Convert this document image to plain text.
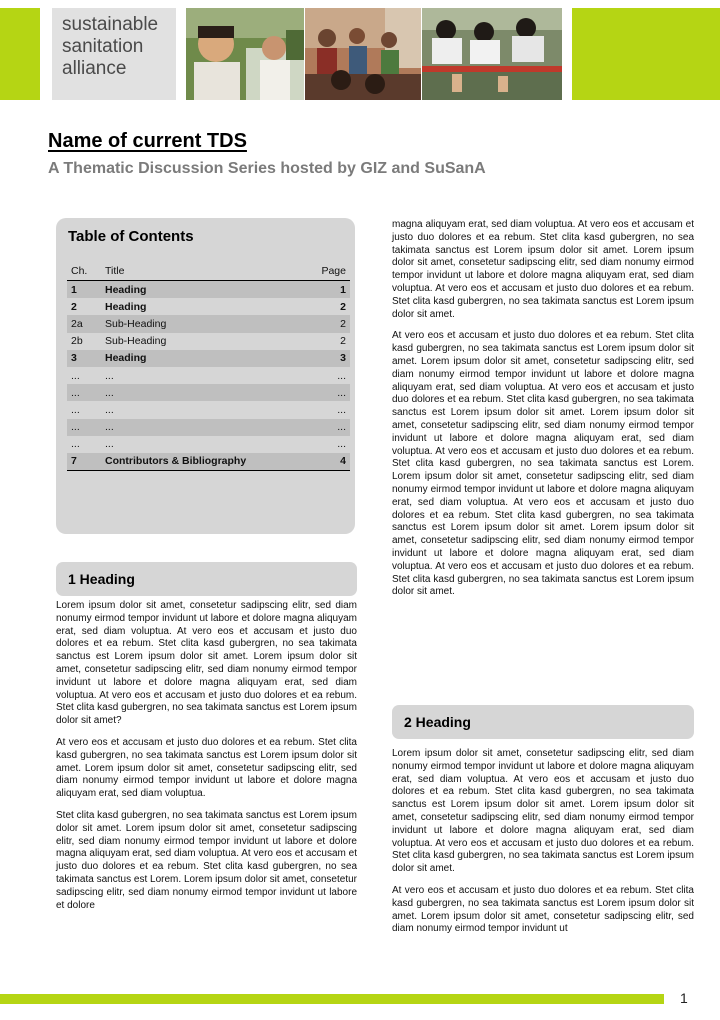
sustainable
sanitation
alliance
Name of current TDS
A Thematic Discussion Series hosted by GIZ and SuSanA
Table of Contents
Ch.	Title	Page
1	Heading	1
2	Heading	2
2a	Sub-Heading	2
2b	Sub-Heading	2
3	Heading	3
...	...	...
...	...	...
...	...	...
...	...	...
...	...	...
7	Contributors & Bibliography	4
1 Heading

Lorem ipsum dolor sit amet, consetetur sadipscing elitr, sed diam nonumy eirmod tempor invidunt ut labore et dolore magna aliquyam erat, sed diam voluptua. At vero eos et accusam et justo duo dolores et ea rebum. Stet clita kasd gubergren, no sea takimata sanctus est Lorem ipsum dolor sit amet. Lorem ipsum dolor sit amet, consetetur sadipscing elitr, sed diam nonumy eirmod tempor invidunt ut labore et dolore magna aliquyam erat, sed diam voluptua. At vero eos et accusam et justo duo dolores et ea rebum. Stet clita kasd gubergren, no sea takimata sanctus est Lorem ipsum dolor sit amet?

At vero eos et accusam et justo duo dolores et ea rebum. Stet clita kasd gubergren, no sea takimata sanctus est Lorem ipsum dolor sit amet. Lorem ipsum dolor sit amet, consetetur sadipscing elitr, sed diam nonumy eirmod tempor invidunt ut labore et dolore magna aliquyam erat, sed diam voluptua.

Stet clita kasd gubergren, no sea takimata sanctus est Lorem ipsum dolor sit amet. Lorem ipsum dolor sit amet, consetetur sadipscing elitr, sed diam nonumy eirmod tempor invidunt ut labore et dolore magna aliquyam erat, sed diam voluptua. At vero eos et accusam et justo duo dolores et ea rebum. Stet clita kasd gubergren, no sea takimata sanctus est Lorem. Lorem ipsum dolor sit amet, consetetur sadipscing elitr, sed diam nonumy eirmod tempor invidunt ut labore et dolore

magna aliquyam erat, sed diam voluptua. At vero eos et accusam et justo duo dolores et ea rebum. Stet clita kasd gubergren, no sea takimata sanctus est Lorem ipsum dolor sit amet. Lorem ipsum dolor sit amet, consetetur sadipscing elitr, sed diam nonumy eirmod tempor invidunt ut labore et dolore magna aliquyam erat, sed diam voluptua. At vero eos et accusam et justo duo dolores et ea rebum. Stet clita kasd gubergren, no sea takimata sanctus est Lorem ipsum dolor sit amet.

At vero eos et accusam et justo duo dolores et ea rebum. Stet clita kasd gubergren, no sea takimata sanctus est Lorem ipsum dolor sit amet. Lorem ipsum dolor sit amet, consetetur sadipscing elitr, sed diam nonumy eirmod tempor invidunt ut labore et dolore magna aliquyam erat, sed diam voluptua. At vero eos et accusam et justo duo dolores et ea rebum. Stet clita kasd gubergren, no sea takimata sanctus est Lorem ipsum dolor sit amet. Lorem ipsum dolor sit amet, consetetur sadipscing elitr, sed diam nonumy eirmod tempor invidunt ut labore et dolore magna aliquyam erat, sed diam voluptua. At vero eos et accusam et justo duo dolores et ea rebum. Stet clita kasd gubergren, no sea takimata sanctus est Lorem. Lorem ipsum dolor sit amet, consetetur sadipscing elitr, sed diam nonumy eirmod tempor invidunt ut labore et dolore magna aliquyam erat, sed diam voluptua. At vero eos et accusam et justo duo dolores et ea rebum. Stet clita kasd gubergren, no sea takimata sanctus est Lorem ipsum dolor sit amet. Lorem ipsum dolor sit amet, consetetur sadipscing elitr, sed diam nonumy eirmod tempor invidunt ut labore et dolore magna aliquyam erat, sed diam voluptua. At vero eos et accusam et justo duo dolores et ea rebum. Stet clita kasd gubergren, no sea takimata sanctus est Lorem ipsum dolor sit amet.

2 Heading

Lorem ipsum dolor sit amet, consetetur sadipscing elitr, sed diam nonumy eirmod tempor invidunt ut labore et dolore magna aliquyam erat, sed diam voluptua. At vero eos et accusam et justo duo dolores et ea rebum. Stet clita kasd gubergren, no sea takimata sanctus est Lorem ipsum dolor sit amet. Lorem ipsum dolor sit amet, consetetur sadipscing elitr, sed diam nonumy eirmod tempor invidunt ut labore et dolore magna aliquyam erat, sed diam voluptua. At vero eos et accusam et justo duo dolores et ea rebum. Stet clita kasd gubergren, no sea takimata sanctus est Lorem ipsum dolor sit amet.

At vero eos et accusam et justo duo dolores et ea rebum. Stet clita kasd gubergren, no sea takimata sanctus est Lorem ipsum dolor sit amet. Lorem ipsum dolor sit amet, consetetur sadipscing elitr, sed diam nonumy eirmod tempor invidunt ut

1
